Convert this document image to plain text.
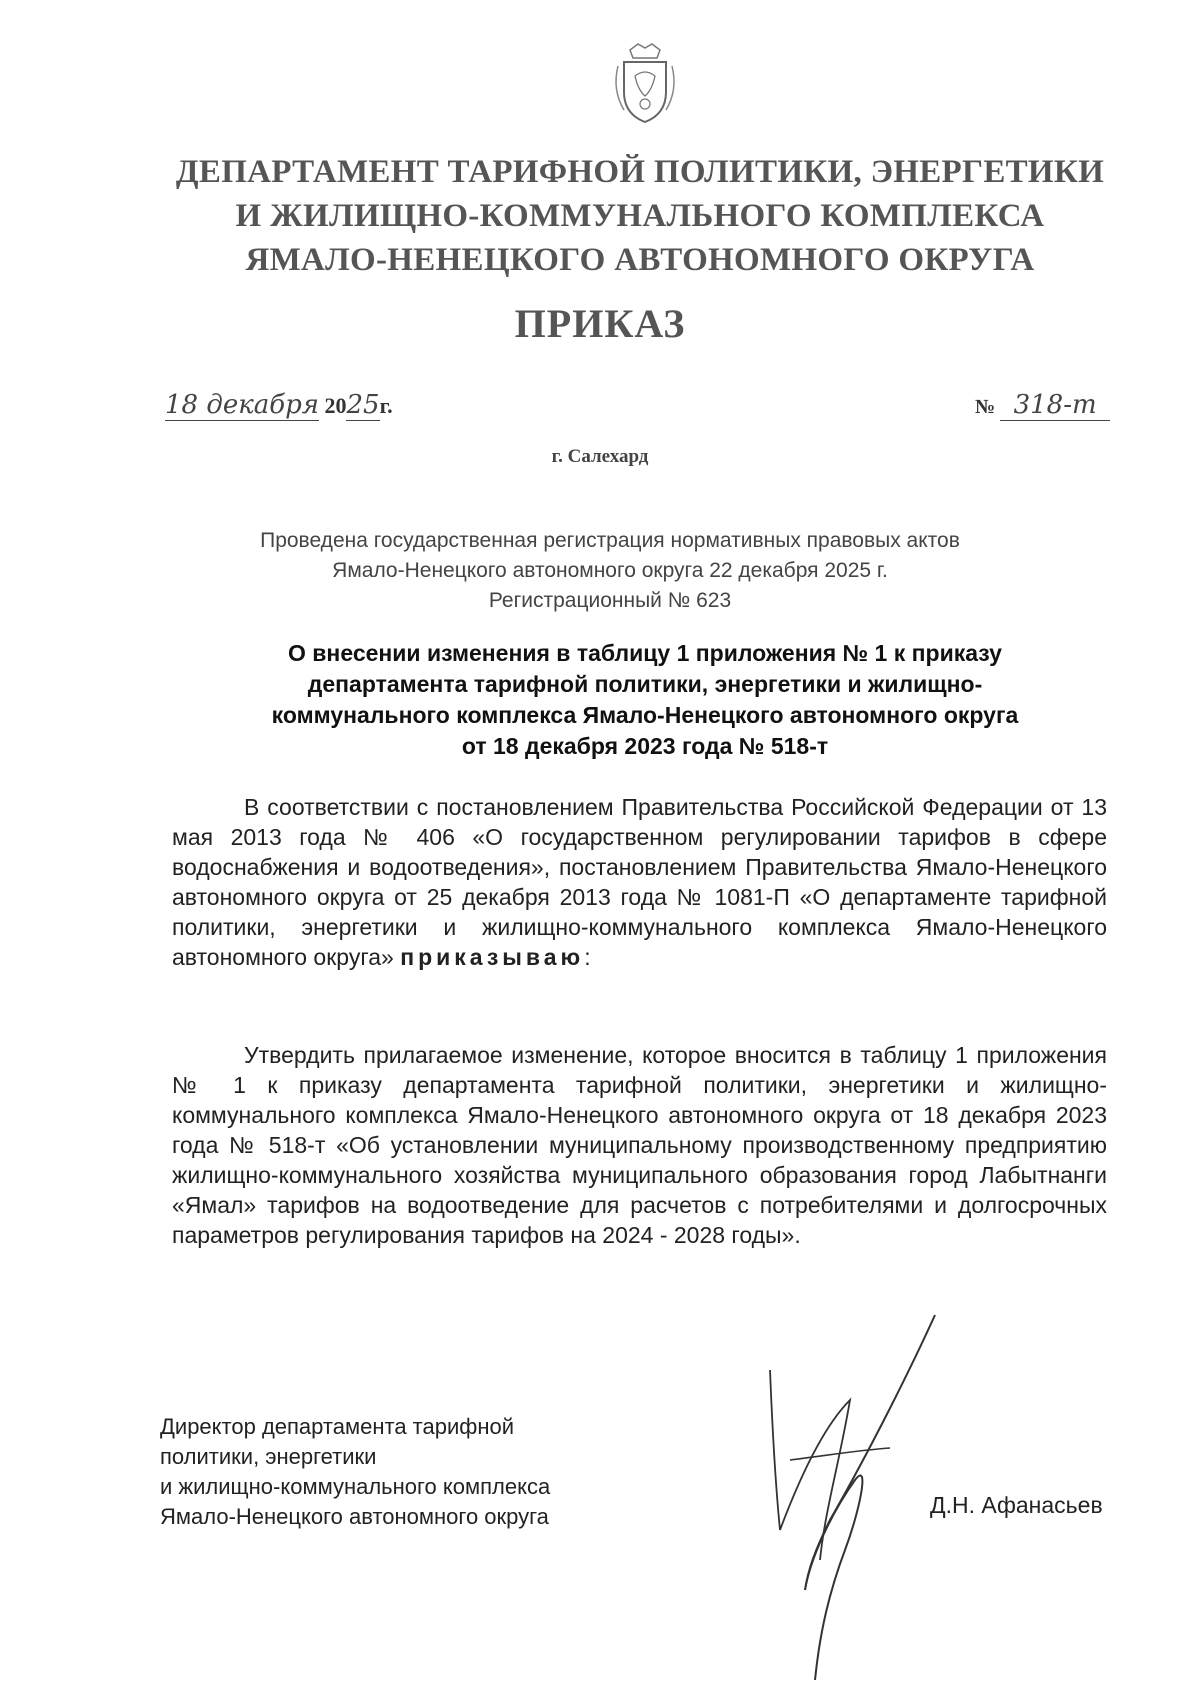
ДЕПАРТАМЕНТ ТАРИФНОЙ ПОЛИТИКИ, ЭНЕРГЕТИКИ
И ЖИЛИЩНО-КОММУНАЛЬНОГО КОМПЛЕКСА
ЯМАЛО-НЕНЕЦКОГО АВТОНОМНОГО ОКРУГА
ПРИКАЗ
18 декабря 2025г.	№ 318-т
г. Салехард
Проведена государственная регистрация нормативных правовых актов
Ямало-Ненецкого автономного округа 22 декабря 2025 г.
Регистрационный № 623
О внесении изменения в таблицу 1 приложения № 1 к приказу
департамента тарифной политики, энергетики и жилищно-
коммунального комплекса Ямало-Ненецкого автономного округа
от 18 декабря 2023 года № 518-т
В соответствии с постановлением Правительства Российской Федерации от 13 мая 2013 года № 406 «О государственном регулировании тарифов в сфере водоснабжения и водоотведения», постановлением Правительства Ямало-Ненецкого автономного округа от 25 декабря 2013 года № 1081-П «О департаменте тарифной политики, энергетики и жилищно-коммунального комплекса Ямало-Ненецкого автономного округа» приказываю:
Утвердить прилагаемое изменение, которое вносится в таблицу 1 приложения № 1 к приказу департамента тарифной политики, энергетики и жилищно-коммунального комплекса Ямало-Ненецкого автономного округа от 18 декабря 2023 года № 518-т «Об установлении муниципальному производственному предприятию жилищно-коммунального хозяйства муниципального образования город Лабытнанги «Ямал» тарифов на водоотведение для расчетов с потребителями и долгосрочных параметров регулирования тарифов на 2024 - 2028 годы».
Директор департамента тарифной
политики, энергетики
и жилищно-коммунального комплекса
Ямало-Ненецкого автономного округа	Д.Н. Афанасьев
